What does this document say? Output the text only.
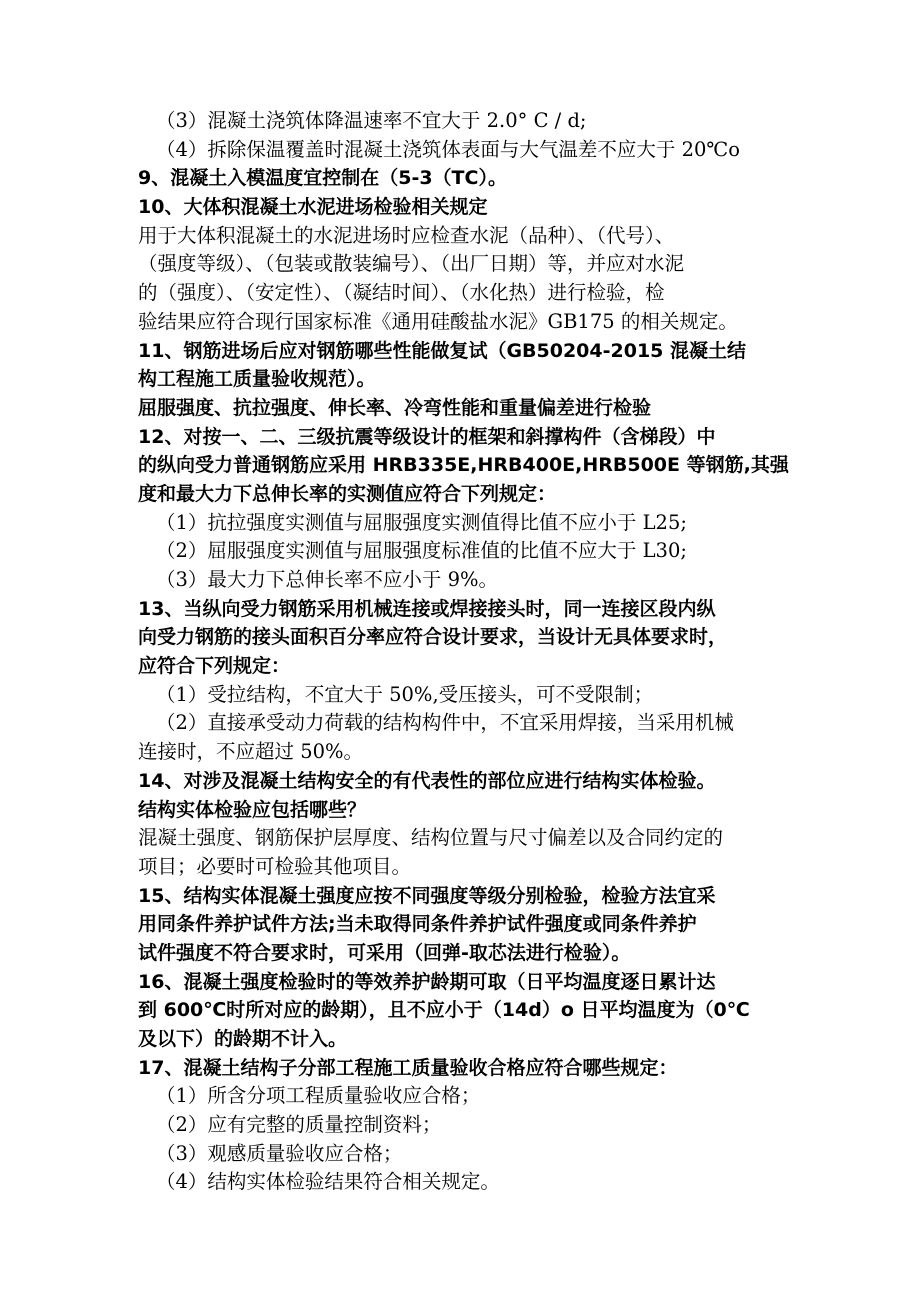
（3）混凝土浇筑体降温速率不宜大于 2.0° C / d;
（4）拆除保温覆盖时混凝土浇筑体表面与大气温差不应大于 20℃o
9、混凝土入模温度宜控制在（5-3（TC）。
10、大体积混凝土水泥进场检验相关规定
用于大体积混凝土的水泥进场时应检查水泥（品种）、（代号）、
（强度等级）、（包装或散装编号）、（出厂日期）等，并应对水泥
的（强度）、（安定性）、（凝结时间）、（水化热）进行检验，检
验结果应符合现行国家标准《通用硅酸盐水泥》GB175 的相关规定。
11、钢筋进场后应对钢筋哪些性能做复试（GB50204-2015 混凝土结
构工程施工质量验收规范）。
屈服强度、抗拉强度、伸长率、冷弯性能和重量偏差进行检验
12、对按一、二、三级抗震等级设计的框架和斜撑构件（含梯段）中
的纵向受力普通钢筋应采用 HRB335E,HRB400E,HRB500E 等钢筋,其强
度和最大力下总伸长率的实测值应符合下列规定：
（1）抗拉强度实测值与屈服强度实测值得比值不应小于 L25;
（2）屈服强度实测值与屈服强度标准值的比值不应大于 L30;
（3）最大力下总伸长率不应小于 9%。
13、当纵向受力钢筋采用机械连接或焊接接头时，同一连接区段内纵
向受力钢筋的接头面积百分率应符合设计要求，当设计无具体要求时，
应符合下列规定：
（1）受拉结构，不宜大于 50%,受压接头，可不受限制；
（2）直接承受动力荷载的结构构件中，不宜采用焊接，当采用机械
连接时，不应超过 50%。
14、对涉及混凝土结构安全的有代表性的部位应进行结构实体检验。
结构实体检验应包括哪些？
混凝土强度、钢筋保护层厚度、结构位置与尺寸偏差以及合同约定的
项目；必要时可检验其他项目。
15、结构实体混凝土强度应按不同强度等级分别检验，检验方法宜采
用同条件养护试件方法;当未取得同条件养护试件强度或同条件养护
试件强度不符合要求时，可采用（回弹-取芯法进行检验）。
16、混凝土强度检验时的等效养护龄期可取（日平均温度逐日累计达
到 600℃时所对应的龄期），且不应小于（14d）o 日平均温度为（0℃
及以下）的龄期不计入。
17、混凝土结构子分部工程施工质量验收合格应符合哪些规定：
（1）所含分项工程质量验收应合格；
（2）应有完整的质量控制资料；
（3）观感质量验收应合格；
（4）结构实体检验结果符合相关规定。
